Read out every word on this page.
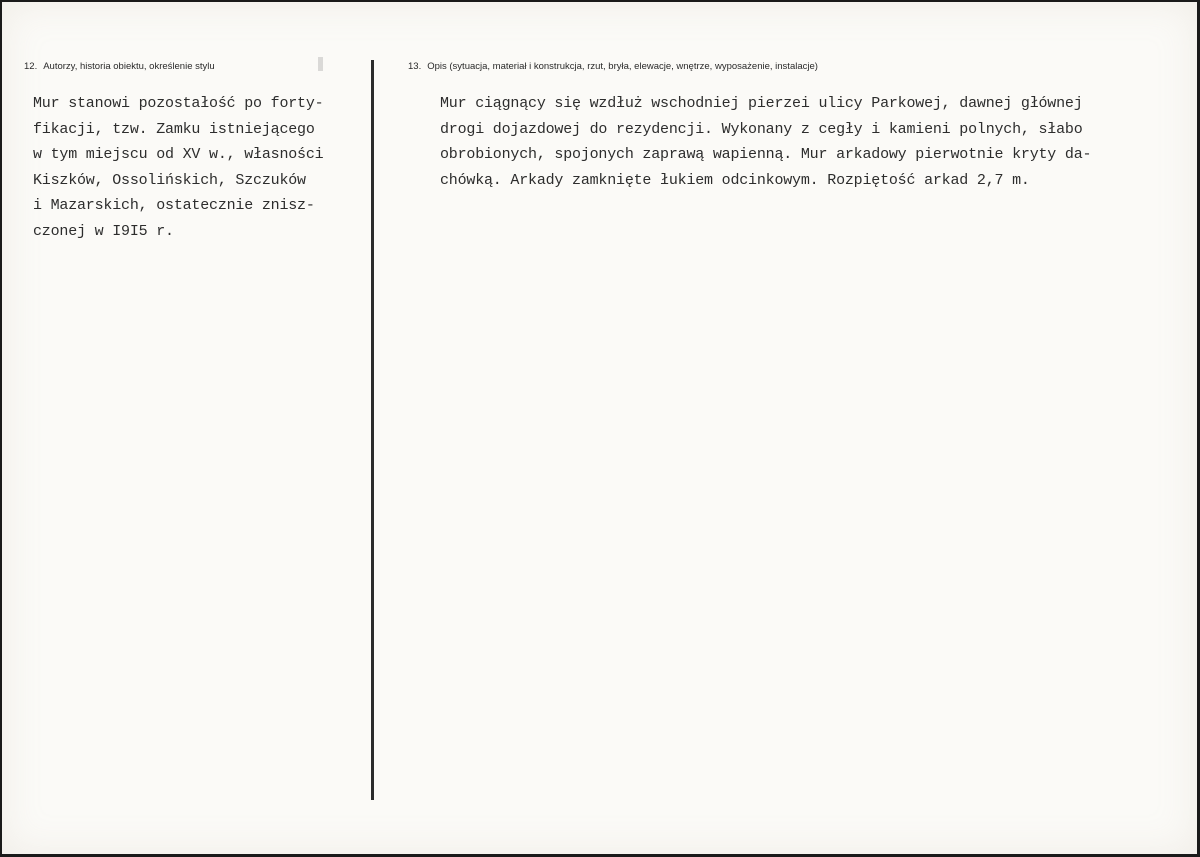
12. Autorzy, historia obiektu, określenie stylu	13. Opis (sytuacja, materiał i konstrukcja, rzut, bryła, elewacje, wnętrze, wyposażenie, instalacje)
Mur stanowi pozostałość po forty-
fikacji, tzw. Zamku istniejącego
w tym miejscu od XV w., własności
Kiszków, Ossolińskich, Szczuków
i Mazarskich, ostatecznie znisz-
czonej w I9I5 r.
Mur ciągnący się wzdłuż wschodniej pierzei ulicy Parkowej, dawnej głównej
drogi dojazdowej do rezydencji. Wykonany z cegły i kamieni polnych, słabo
obrobionych, spojonych zaprawą wapienną. Mur arkadowy pierwotnie kryty da-
chówką. Arkady zamknięte łukiem odcinkowym. Rozpiętość arkad 2,7 m.
